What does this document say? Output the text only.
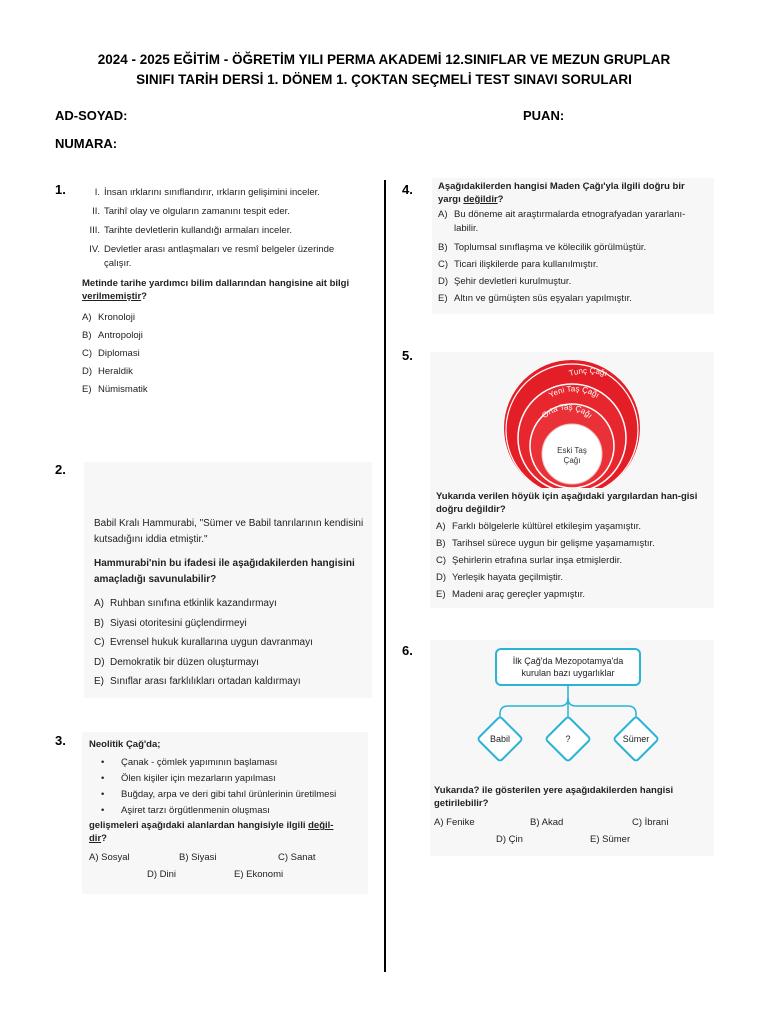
2024 - 2025 EĞİTİM - ÖĞRETİM YILI PERMA AKADEMİ 12.SINIFLAR VE MEZUN GRUPLAR
SINIFI TARİH DERSİ 1. DÖNEM 1. ÇOKTAN SEÇMELİ TEST SINAVI SORULARI
AD-SOYAD:	PUAN:
NUMARA:
1.	I. İnsan ırklarını sınıflandırır, ırkların gelişimini inceler.
II. Tarihî olay ve olguların zamanını tespit eder.
III. Tarihte devletlerin kullandığı armaları inceler.
IV. Devletler arası antlaşmaları ve resmî belgeler üzerinde
çalışır.
Metinde tarihe yardımcı bilim dallarından hangisine ait bilgi verilmemiştir?
A) Kronoloji
B) Antropoloji
C) Diplomasi
D) Heraldik
E) Nümismatik
2.
Babil Kralı Hammurabi, "Sümer ve Babil tanrılarının kendisini kutsadığını iddia etmiştir."
Hammurabi'nin bu ifadesi ile aşağıdakilerden hangisini amaçladığı savunulabilir?
A) Ruhban sınıfına etkinlik kazandırmayı
B) Siyasi otoritesini güçlendirmeyi
C) Evrensel hukuk kurallarına uygun davranmayı
D) Demokratik bir düzen oluşturmayı
E) Sınıflar arası farklılıkları ortadan kaldırmayı
3. Neolitik Çağ'da;
• Çanak - çömlek yapımının başlaması
• Ölen kişiler için mezarların yapılması
• Buğday, arpa ve deri gibi tahıl ürünlerinin üretilmesi
• Aşiret tarzı örgütlenmenin oluşması
gelişmeleri aşağıdaki alanlardan hangisiyle ilgili değil-
dir?
A) Sosyal	B) Siyasi	C) Sanat
D) Dini	E) Ekonomi
4.	Aşağıdakilerden hangisi Maden Çağı'yla ilgili doğru bir yargı değildir?
A) Bu döneme ait araştırmalarda etnografyadan yararlanı-
labilir.
B) Toplumsal sınıflaşma ve kölecilik görülmüştür.
C) Ticari ilişkilerde para kullanılmıştır.
D) Şehir devletleri kurulmuştur.
E) Altın ve gümüşten süs eşyaları yapılmıştır.
5.
Tunç Çağı
Yeni Taş Çağı
Orta Taş Çağı
Eski Taş
Çağı
Yukarıda verilen höyük için aşağıdaki yargılardan han-gisi doğru değildir?
A) Farklı bölgelerle kültürel etkileşim yaşamıştır.
B) Tarihsel sürece uygun bir gelişme yaşamamıştır.
C) Şehirlerin etrafına surlar inşa etmişlerdir.
D) Yerleşik hayata geçilmiştir.
E) Madeni araç gereçler yapmıştır.
6.
İlk Çağ'da Mezopotamya'da kurulan bazı uygarlıklar
Babil	?	Sümer
Yukarıda? ile gösterilen yere aşağıdakilerden hangisi getirilebilir?
A) Fenike	B) Akad	C) İbrani
D) Çin	E) Sümer
